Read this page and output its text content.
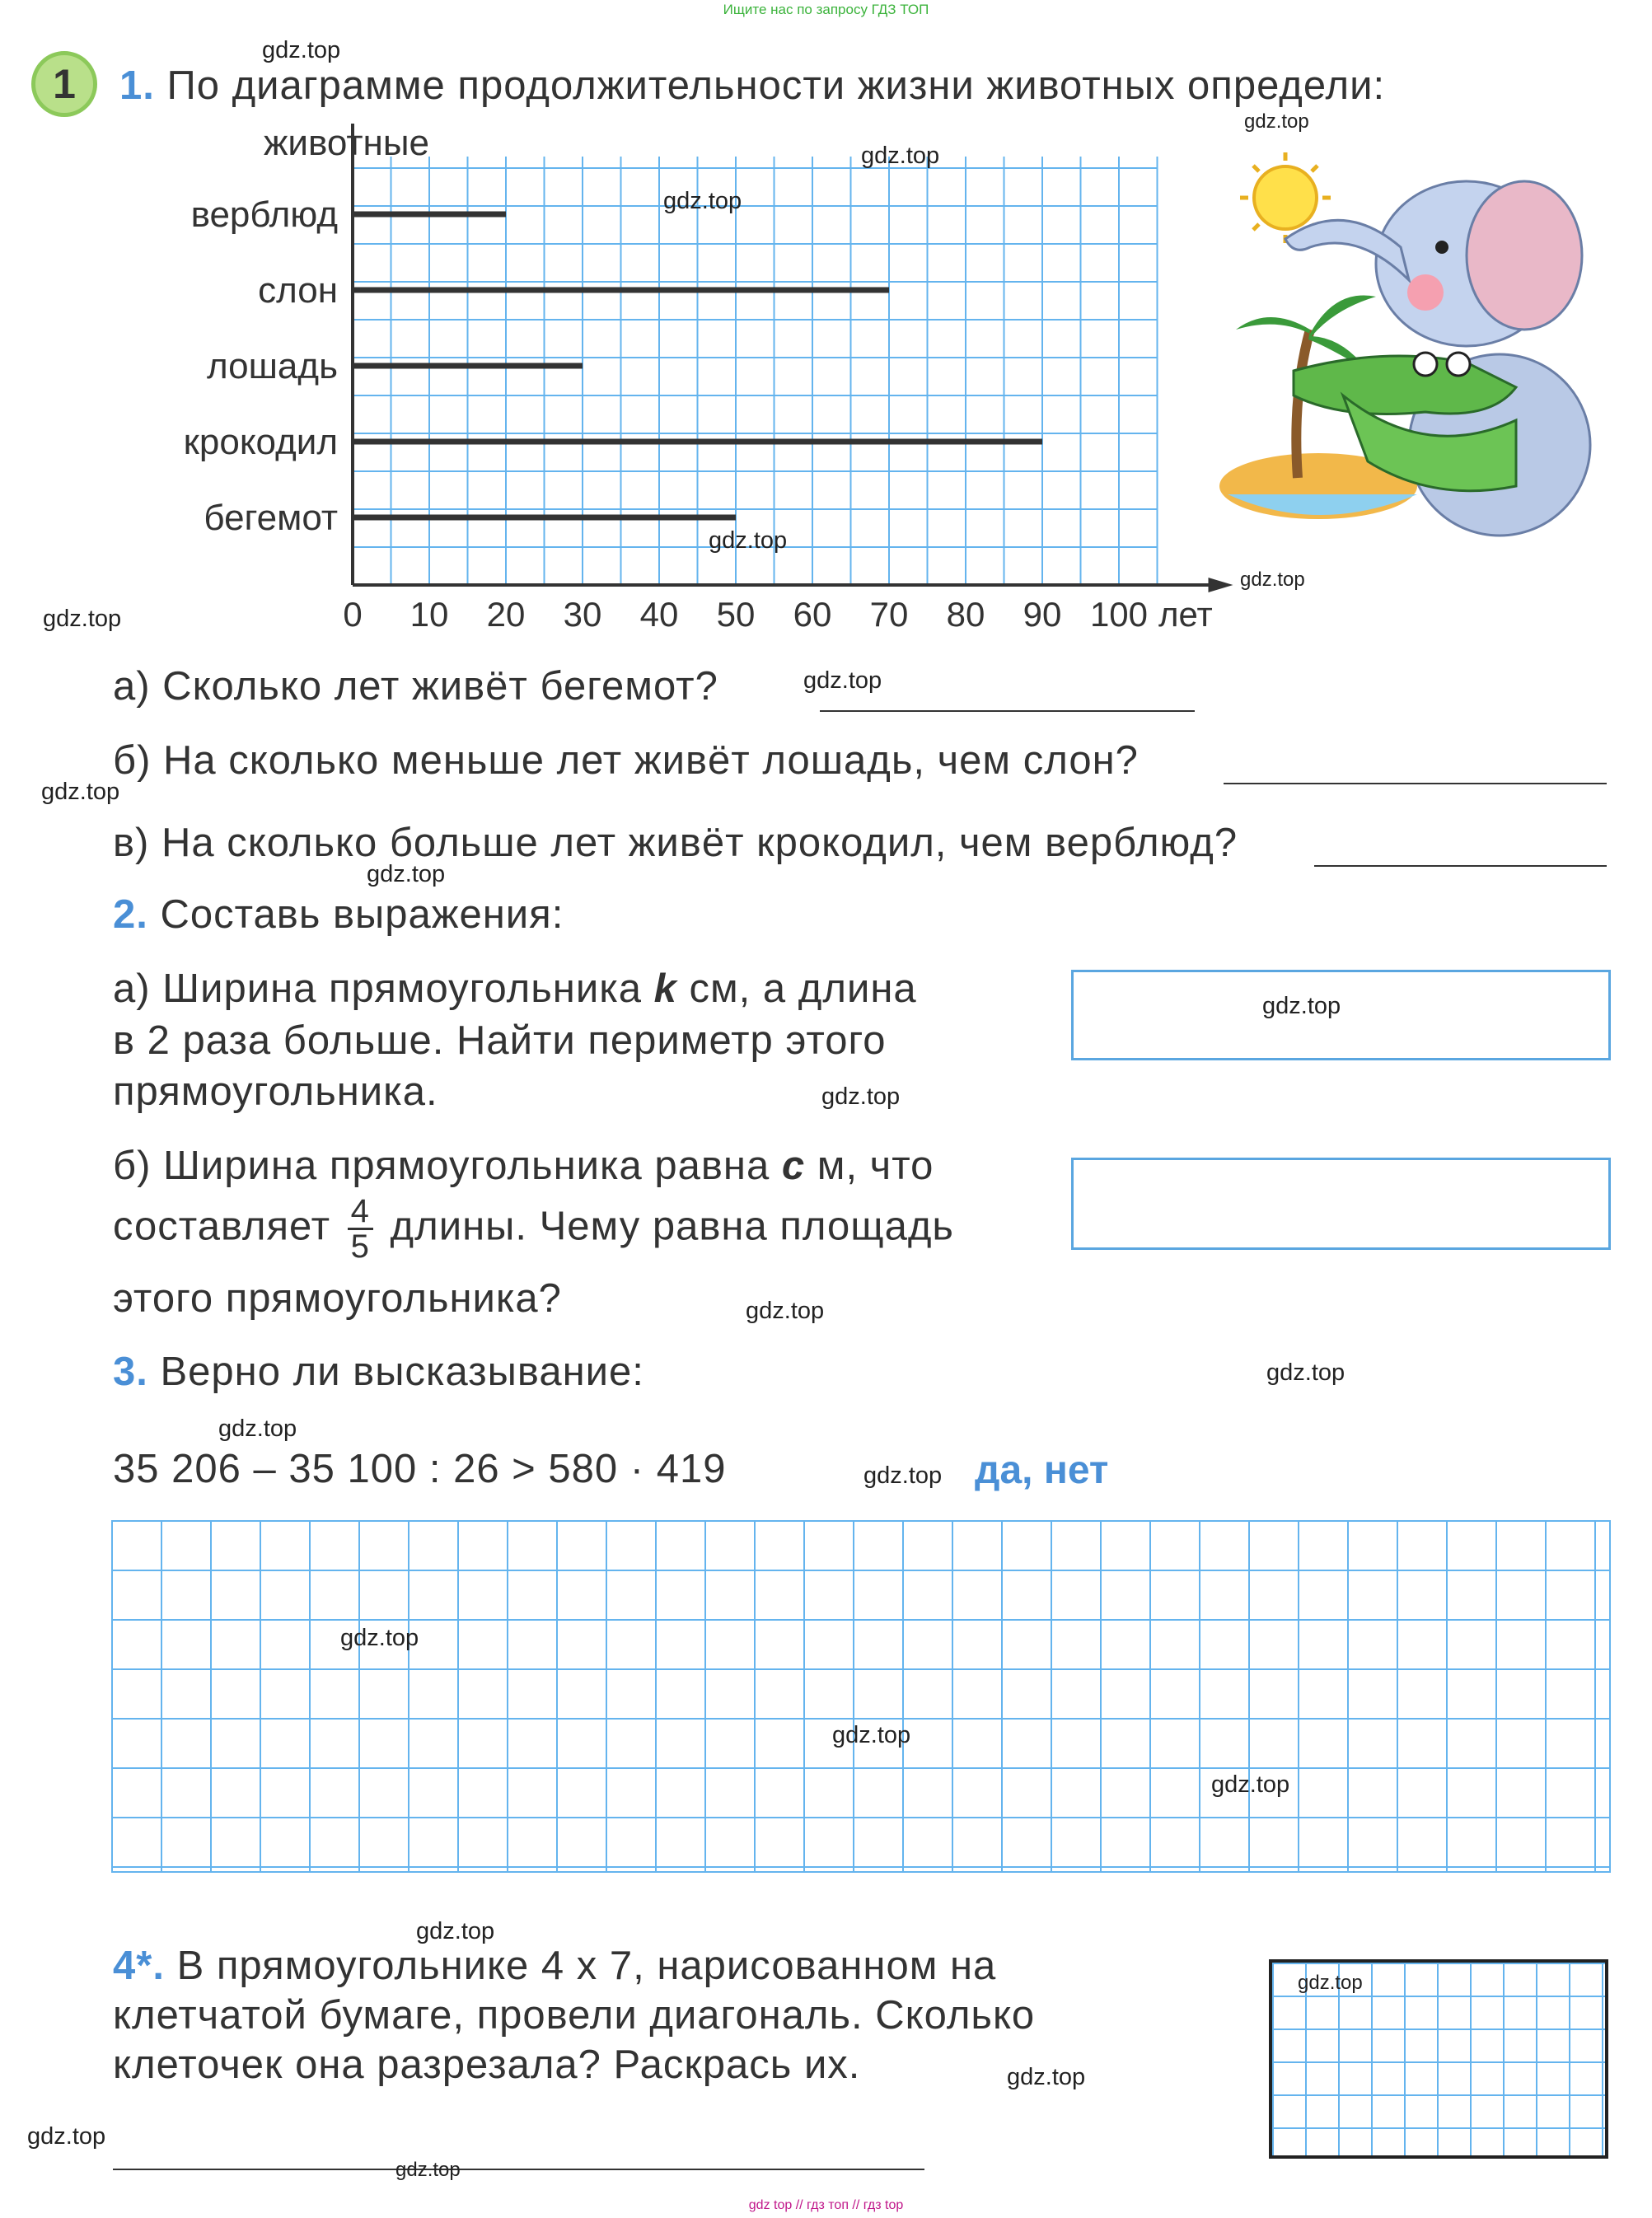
Ищите нас по запросу ГДЗ ТОП
gdz top // гдз топ // гдз top
1	1. По диаграмме продолжительности жизни животных определи:
животные
верблюд
слон
лошадь
крокодил
бегемот
0 10 20 30 40 50 60 70 80 90 100 лет
а) Сколько лет живёт бегемот?
б) На сколько меньше лет живёт лошадь, чем слон?
в) На сколько больше лет живёт крокодил, чем верблюд?
2. Составь выражения:
а) Ширина прямоугольника k см, а длина
в 2 раза больше. Найти периметр этого
прямоугольника.
б) Ширина прямоугольника равна c м, что
составляет $\frac{4}{5}$ длины. Чему равна площадь
этого прямоугольника?
3. Верно ли высказывание:
35 206 – 35 100 : 26 > 580 · 419	да, нет
4*. В прямоугольнике 4 х 7, нарисованном на
клетчатой бумаге, провели диагональ. Сколько
клеточек она разрезала? Раскрась их.
gdz.top
gdz.top
gdz.top
gdz.top
gdz.top
gdz.top
gdz.top
gdz.top
gdz.top
gdz.top
gdz.top
gdz.top
gdz.top
gdz.top
gdz.top
gdz.top
gdz.top
gdz.top
gdz.top
gdz.top
gdz.top
gdz.top
gdz.top
gdz.top
